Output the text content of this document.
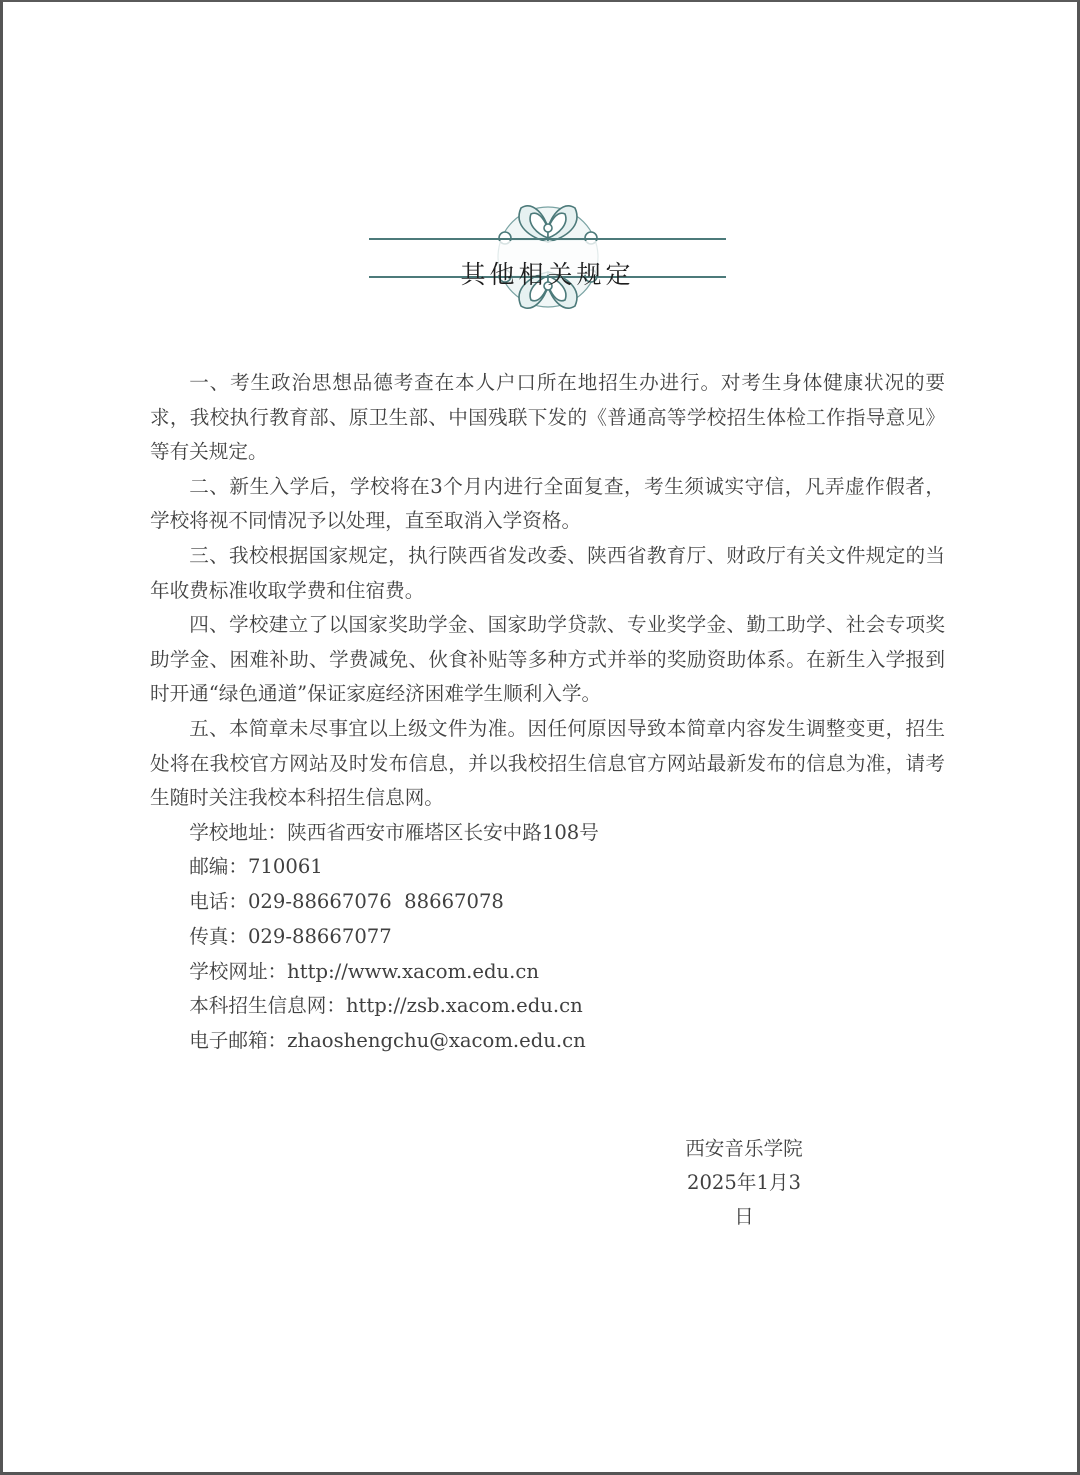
其他相关规定

一、考生政治思想品德考查在本人户口所在地招生办进行。对考生身体健康状况的要求，我校执行教育部、原卫生部、中国残联下发的《普通高等学校招生体检工作指导意见》等有关规定。

二、新生入学后，学校将在3个月内进行全面复查，考生须诚实守信，凡弄虚作假者，学校将视不同情况予以处理，直至取消入学资格。

三、我校根据国家规定，执行陕西省发改委、陕西省教育厅、财政厅有关文件规定的当年收费标准收取学费和住宿费。

四、学校建立了以国家奖助学金、国家助学贷款、专业奖学金、勤工助学、社会专项奖助学金、困难补助、学费减免、伙食补贴等多种方式并举的奖励资助体系。在新生入学报到时开通“绿色通道”保证家庭经济困难学生顺利入学。

五、本简章未尽事宜以上级文件为准。因任何原因导致本简章内容发生调整变更，招生处将在我校官方网站及时发布信息，并以我校招生信息官方网站最新发布的信息为准，请考生随时关注我校本科招生信息网。

学校地址：陕西省西安市雁塔区长安中路108号

邮编：710061

电话：029-88667076  88667078

传真：029-88667077

学校网址：http://www.xacom.edu.cn

本科招生信息网：http://zsb.xacom.edu.cn

电子邮箱：zhaoshengchu@xacom.edu.cn

西安音乐学院
2025年1月3日
